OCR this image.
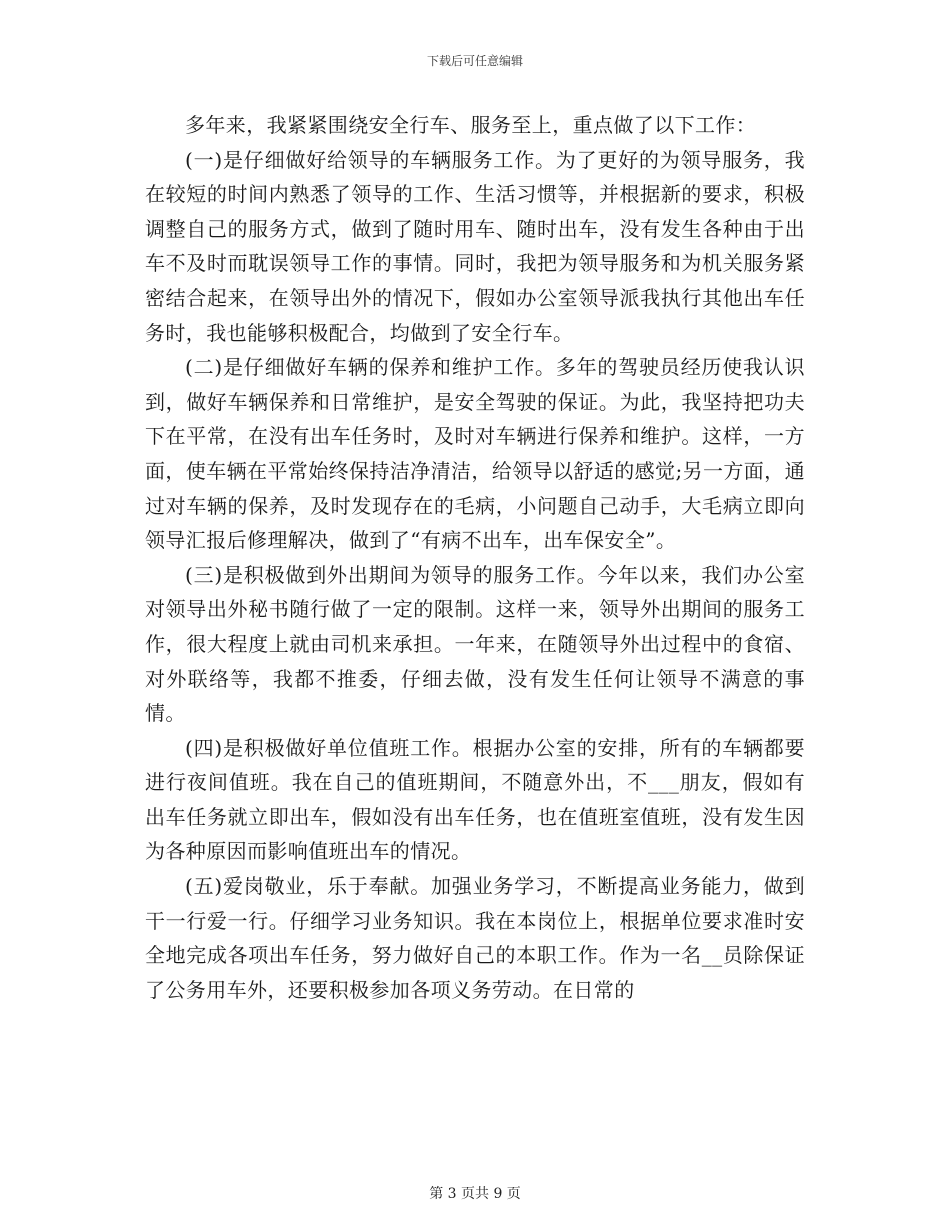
下载后可任意编辑

多年来，我紧紧围绕安全行车、服务至上，重点做了以下工作：

(一)是仔细做好给领导的车辆服务工作。为了更好的为领导服务，我在较短的时间内熟悉了领导的工作、生活习惯等，并根据新的要求，积极调整自己的服务方式，做到了随时用车、随时出车，没有发生各种由于出车不及时而耽误领导工作的事情。同时，我把为领导服务和为机关服务紧密结合起来，在领导出外的情况下，假如办公室领导派我执行其他出车任务时，我也能够积极配合，均做到了安全行车。

(二)是仔细做好车辆的保养和维护工作。多年的驾驶员经历使我认识到，做好车辆保养和日常维护，是安全驾驶的保证。为此，我坚持把功夫下在平常，在没有出车任务时，及时对车辆进行保养和维护。这样，一方面，使车辆在平常始终保持洁净清洁，给领导以舒适的感觉;另一方面，通过对车辆的保养，及时发现存在的毛病，小问题自己动手，大毛病立即向领导汇报后修理解决，做到了“有病不出车，出车保安全”。

(三)是积极做到外出期间为领导的服务工作。今年以来，我们办公室对领导出外秘书随行做了一定的限制。这样一来，领导外出期间的服务工作，很大程度上就由司机来承担。一年来，在随领导外出过程中的食宿、对外联络等，我都不推委，仔细去做，没有发生任何让领导不满意的事情。

(四)是积极做好单位值班工作。根据办公室的安排，所有的车辆都要进行夜间值班。我在自己的值班期间，不随意外出，不___朋友，假如有出车任务就立即出车，假如没有出车任务，也在值班室值班，没有发生因为各种原因而影响值班出车的情况。

(五)爱岗敬业，乐于奉献。加强业务学习，不断提高业务能力，做到干一行爱一行。仔细学习业务知识。我在本岗位上，根据单位要求准时安全地完成各项出车任务，努力做好自己的本职工作。作为一名__员除保证了公务用车外，还要积极参加各项义务劳动。在日常的

第 3 页共 9 页
